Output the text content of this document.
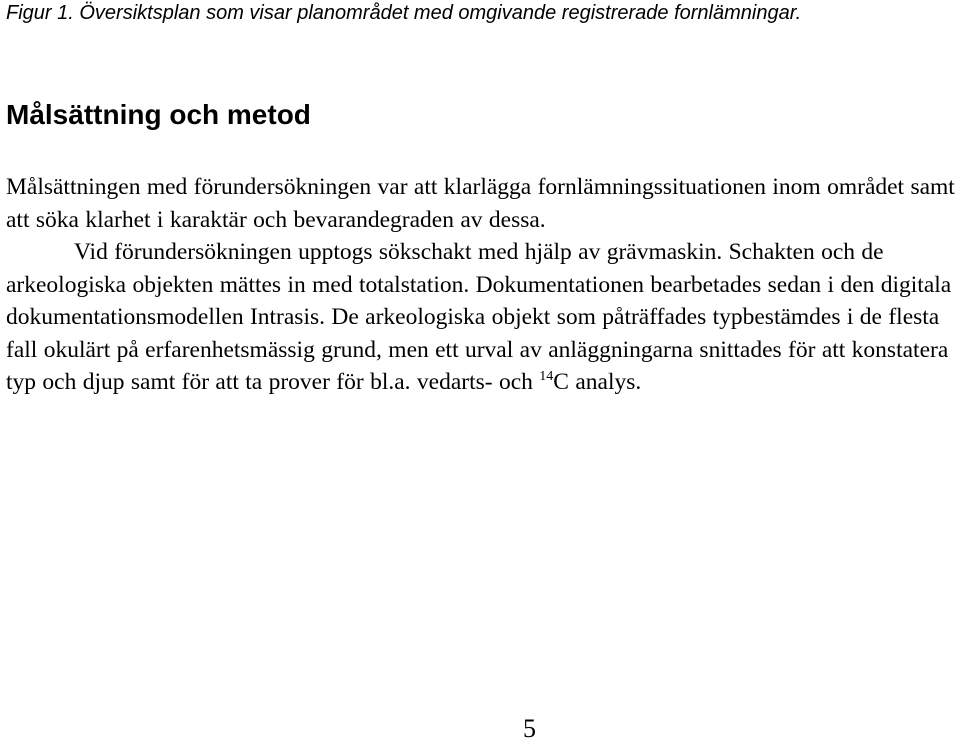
Figur 1. Översiktsplan som visar planområdet med omgivande registrerade fornlämningar.
Målsättning och metod

Målsättningen med förundersökningen var att klarlägga fornlämningssituationen inom området samt att söka klarhet i karaktär och bevarandegraden av dessa.

Vid förundersökningen upptogs sökschakt med hjälp av grävmaskin. Schakten och de arkeologiska objekten mättes in med totalstation. Dokumentationen bearbetades sedan i den digitala dokumentationsmodellen Intrasis. De arkeologiska objekt som påträffades typbestämdes i de flesta fall okulärt på erfarenhetsmässig grund, men ett urval av anläggningarna snittades för att konstatera typ och djup samt för att ta prover för bl.a. vedarts- och $^{14}$C analys.

5
